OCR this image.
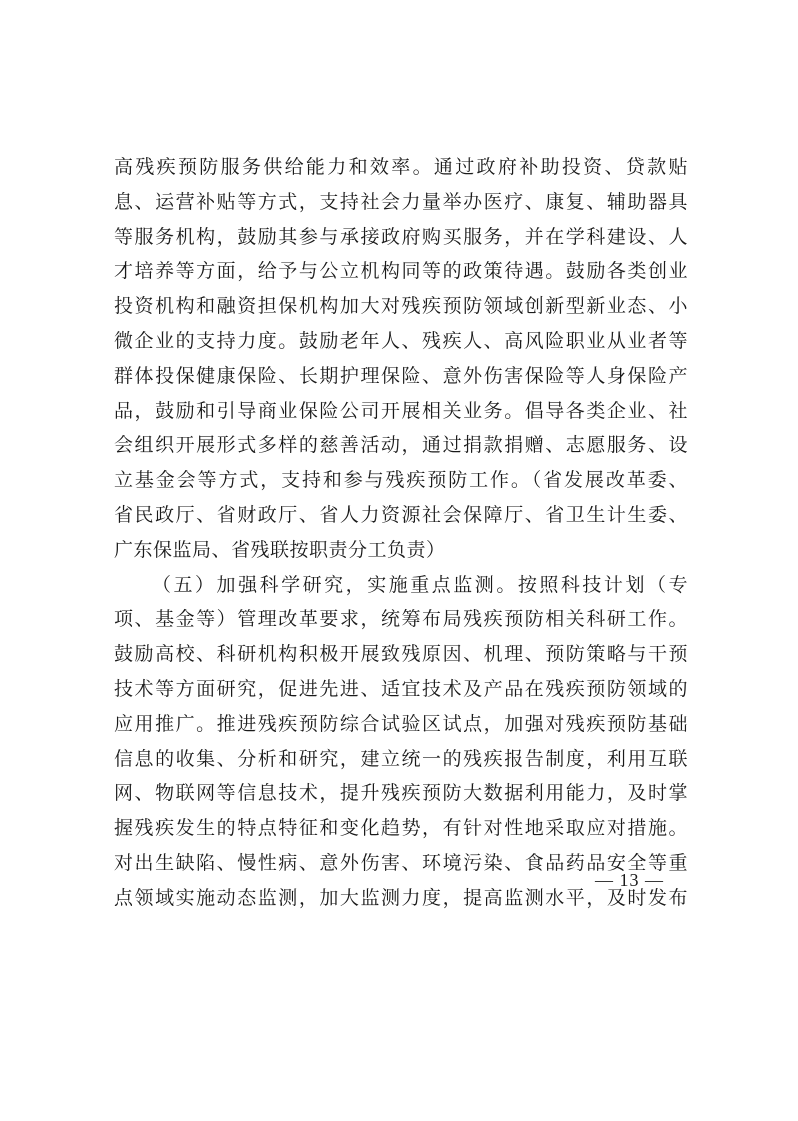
高残疾预防服务供给能力和效率。通过政府补助投资、贷款贴
息、运营补贴等方式，支持社会力量举办医疗、康复、辅助器具
等服务机构，鼓励其参与承接政府购买服务，并在学科建设、人
才培养等方面，给予与公立机构同等的政策待遇。鼓励各类创业
投资机构和融资担保机构加大对残疾预防领域创新型新业态、小
微企业的支持力度。鼓励老年人、残疾人、高风险职业从业者等
群体投保健康保险、长期护理保险、意外伤害保险等人身保险产
品，鼓励和引导商业保险公司开展相关业务。倡导各类企业、社
会组织开展形式多样的慈善活动，通过捐款捐赠、志愿服务、设
立基金会等方式，支持和参与残疾预防工作。（省发展改革委、
省民政厅、省财政厅、省人力资源社会保障厅、省卫生计生委、
广东保监局、省残联按职责分工负责）
（五）加强科学研究，实施重点监测。按照科技计划（专
项、基金等）管理改革要求，统筹布局残疾预防相关科研工作。
鼓励高校、科研机构积极开展致残原因、机理、预防策略与干预
技术等方面研究，促进先进、适宜技术及产品在残疾预防领域的
应用推广。推进残疾预防综合试验区试点，加强对残疾预防基础
信息的收集、分析和研究，建立统一的残疾报告制度，利用互联
网、物联网等信息技术，提升残疾预防大数据利用能力，及时掌
握残疾发生的特点特征和变化趋势，有针对性地采取应对措施。
对出生缺陷、慢性病、意外伤害、环境污染、食品药品安全等重
点领域实施动态监测，加大监测力度，提高监测水平，及时发布
— 13 —
